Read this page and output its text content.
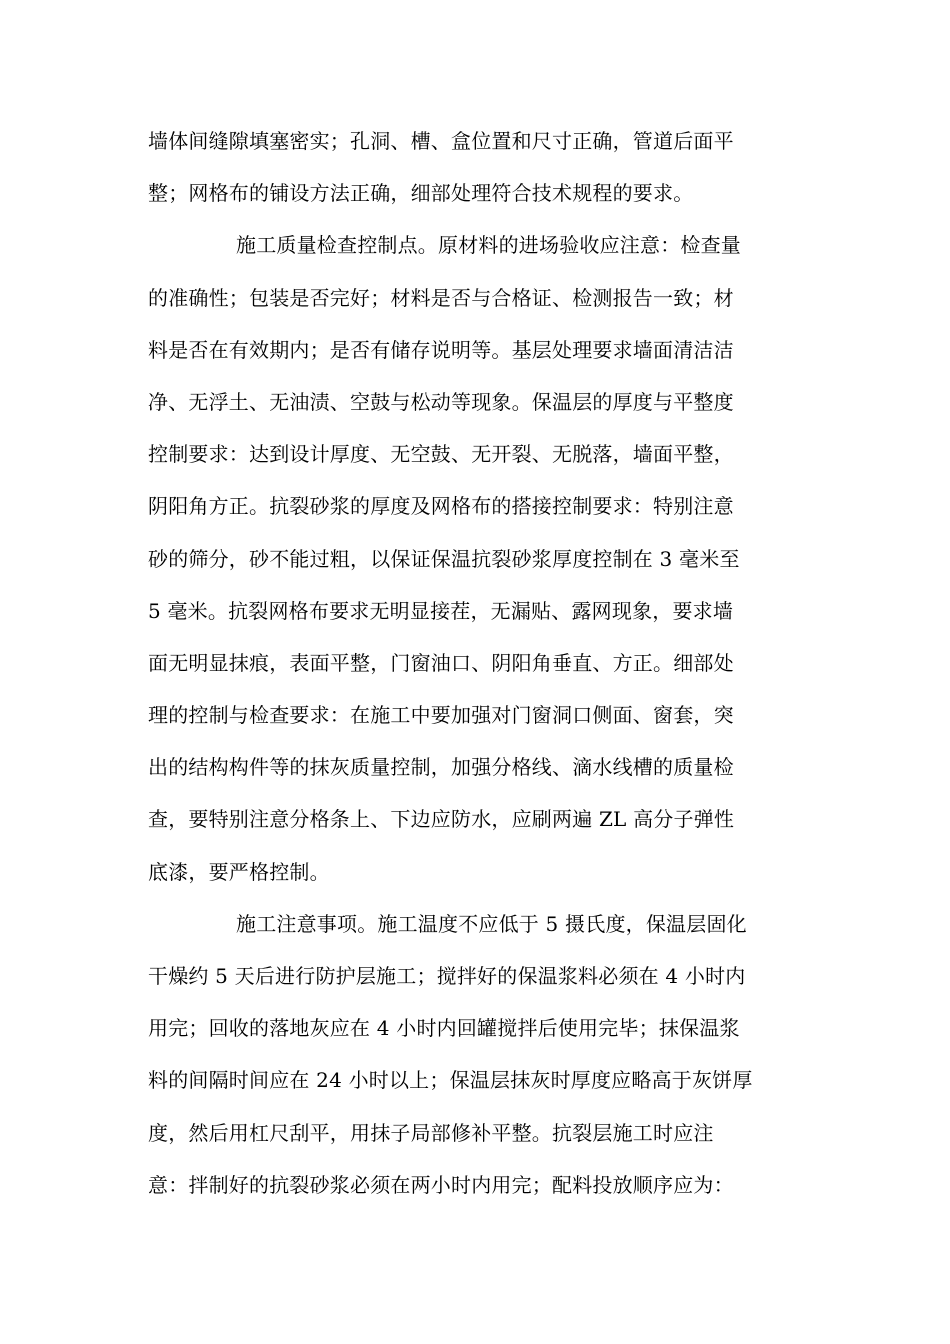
墙体间缝隙填塞密实；孔洞、槽、盒位置和尺寸正确，管道后面平
整；网格布的铺设方法正确，细部处理符合技术规程的要求。
施工质量检查控制点。原材料的进场验收应注意：检查量
的准确性；包装是否完好；材料是否与合格证、检测报告一致；材
料是否在有效期内；是否有储存说明等。基层处理要求墙面清洁洁
净、无浮土、无油渍、空鼓与松动等现象。保温层的厚度与平整度
控制要求：达到设计厚度、无空鼓、无开裂、无脱落，墙面平整，
阴阳角方正。抗裂砂浆的厚度及网格布的搭接控制要求：特别注意
砂的筛分，砂不能过粗，以保证保温抗裂砂浆厚度控制在 3 毫米至
5 毫米。抗裂网格布要求无明显接茬，无漏贴、露网现象，要求墙
面无明显抹痕，表面平整，门窗油口、阴阳角垂直、方正。细部处
理的控制与检查要求：在施工中要加强对门窗洞口侧面、窗套，突
出的结构构件等的抹灰质量控制，加强分格线、滴水线槽的质量检
查，要特别注意分格条上、下边应防水，应刷两遍 ZL 高分子弹性
底漆，要严格控制。
施工注意事项。施工温度不应低于 5 摄氏度，保温层固化
干燥约 5 天后进行防护层施工；搅拌好的保温浆料必须在 4 小时内
用完；回收的落地灰应在 4 小时内回罐搅拌后使用完毕；抹保温浆
料的间隔时间应在 24 小时以上；保温层抹灰时厚度应略高于灰饼厚
度，然后用杠尺刮平，用抹子局部修补平整。抗裂层施工时应注
意：拌制好的抗裂砂浆必须在两小时内用完；配料投放顺序应为：
